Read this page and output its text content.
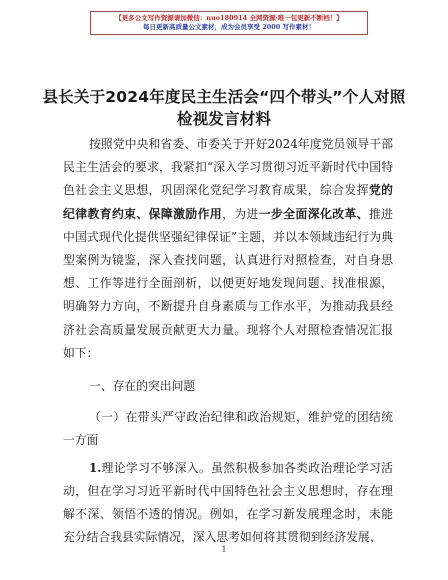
【更多公文写作资源请加微信：nuo180914 全网资源·唯一包更新不断档！】
每日更新高质量公文素材，成为会员享受 2000 写作素材！
县长关于2024年度民主生活会“四个带头”个人对照检视发言材料
按照党中央和省委、市委关于开好2024年度党员领导干部民主生活会的要求，我紧扣“深入学习贯彻习近平新时代中国特色社会主义思想，巩固深化党纪学习教育成果，综合发挥党的纪律教育约束、保障激励作用，为进一步全面深化改革、推进中国式现代化提供坚强纪律保证”主题，并以本领域违纪行为典型案例为镜鉴，深入查找问题，认真进行对照检查，对自身思想、工作等进行全面剖析，以便更好地发现问题、找准根源，明确努力方向，不断提升自身素质与工作水平，为推动我县经济社会高质量发展贡献更大力量。现将个人对照检查情况汇报如下：
一、存在的突出问题
（一）在带头严守政治纪律和政治规矩，维护党的团结统一方面
1.理论学习不够深入。虽然积极参加各类政治理论学习活动，但在学习习近平新时代中国特色社会主义思想时，存在理解不深、领悟不透的情况。例如，在学习新发展理念时，未能充分结合我县实际情况，深入思考如何将其贯彻到经济发展、
1
